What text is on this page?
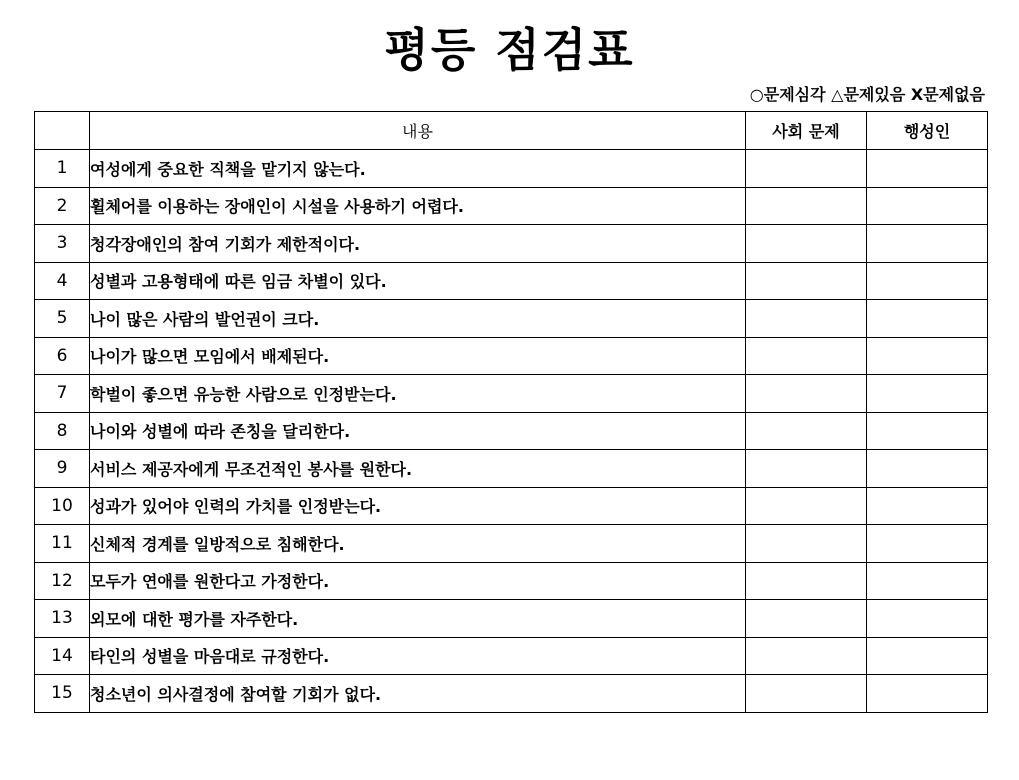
평등 점검표
○문제심각 △문제있음 X문제없음
	내용	사회 문제	행성인
1	여성에게 중요한 직책을 맡기지 않는다.		
2	휠체어를 이용하는 장애인이 시설을 사용하기 어렵다.		
3	청각장애인의 참여 기회가 제한적이다.		
4	성별과 고용형태에 따른 임금 차별이 있다.		
5	나이 많은 사람의 발언권이 크다.		
6	나이가 많으면 모임에서 배제된다.		
7	학벌이 좋으면 유능한 사람으로 인정받는다.		
8	나이와 성별에 따라 존칭을 달리한다.		
9	서비스 제공자에게 무조건적인 봉사를 원한다.		
10	성과가 있어야 인력의 가치를 인정받는다.		
11	신체적 경계를 일방적으로 침해한다.		
12	모두가 연애를 원한다고 가정한다.		
13	외모에 대한 평가를 자주한다.		
14	타인의 성별을 마음대로 규정한다.		
15	청소년이 의사결정에 참여할 기회가 없다.		
